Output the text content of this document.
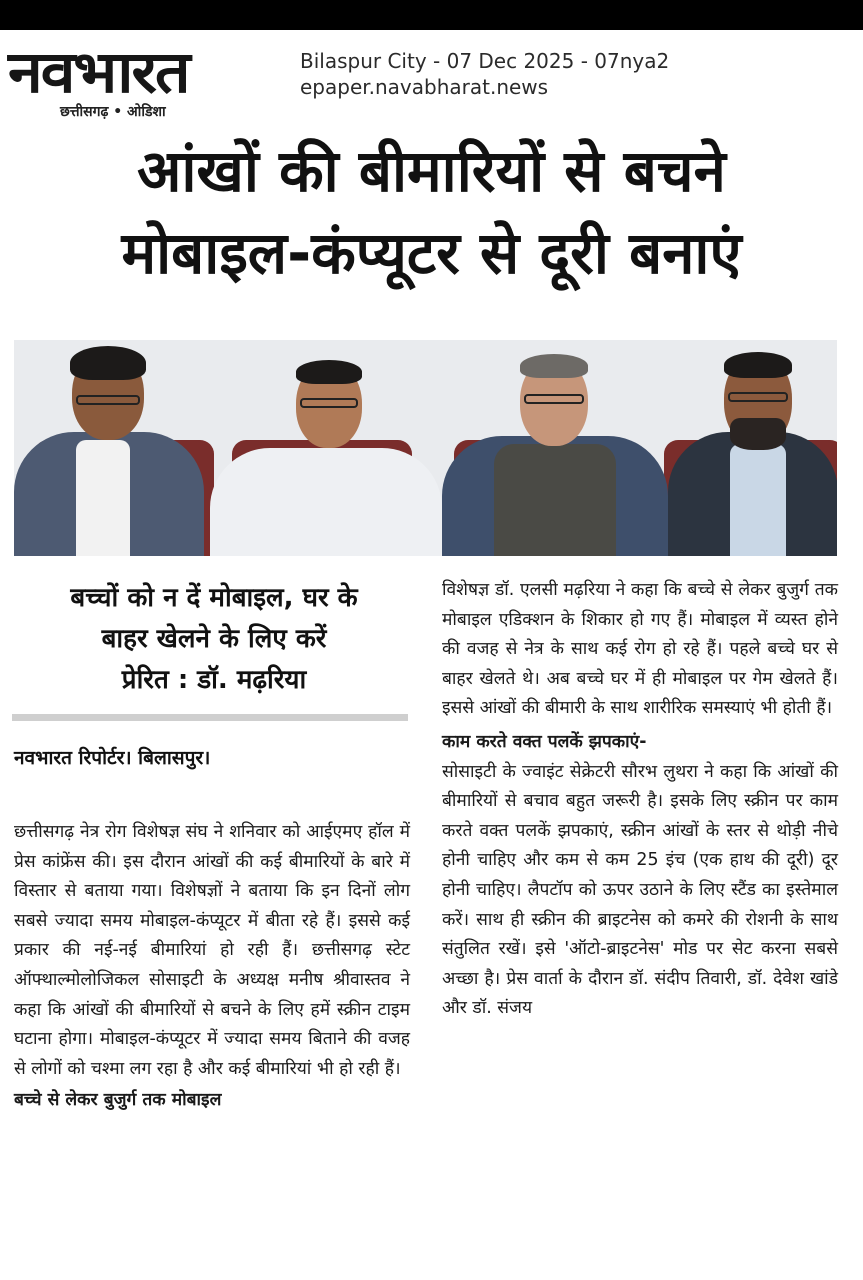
नवभारत
छत्तीसगढ़ • ओडिशा
Bilaspur City - 07 Dec 2025 - 07nya2
epaper.navabharat.news
आंखों की बीमारियों से बचने
मोबाइल-कंप्यूटर से दूरी बनाएं
बच्चों को न दें मोबाइल, घर के
बाहर खेलने के लिए करें
प्रेरित : डॉ. मढ़रिया
नवभारत रिपोर्टर। बिलासपुर।

छत्तीसगढ़ नेत्र रोग विशेषज्ञ संघ ने शनिवार को आईएमए हॉल में प्रेस कांफ्रेंस की। इस दौरान आंखों की कई बीमारियों के बारे में विस्तार से बताया गया। विशेषज्ञों ने बताया कि इन दिनों लोग सबसे ज्यादा समय मोबाइल-कंप्यूटर में बीता रहे हैं। इससे कई प्रकार की नई-नई बीमारियां हो रही हैं। छत्तीसगढ़ स्टेट ऑफ्थाल्मोलोजिकल सोसाइटी के अध्यक्ष मनीष श्रीवास्तव ने कहा कि आंखों की बीमारियों से बचने के लिए हमें स्क्रीन टाइम घटाना होगा। मोबाइल-कंप्यूटर में ज्यादा समय बिताने की वजह से लोगों को चश्मा लग रहा है और कई बीमारियां भी हो रही हैं।

बच्चे से लेकर बुजुर्ग तक मोबाइल

विशेषज्ञ डॉ. एलसी मढ़रिया ने कहा कि बच्चे से लेकर बुजुर्ग तक मोबाइल एडिक्शन के शिकार हो गए हैं। मोबाइल में व्यस्त होने की वजह से नेत्र के साथ कई रोग हो रहे हैं। पहले बच्चे घर से बाहर खेलते थे। अब बच्चे घर में ही मोबाइल पर गेम खेलते हैं। इससे आंखों की बीमारी के साथ शारीरिक समस्याएं भी होती हैं।

काम करते वक्त पलकें झपकाएं-

सोसाइटी के ज्वाइंट सेक्रेटरी सौरभ लुथरा ने कहा कि आंखों की बीमारियों से बचाव बहुत जरूरी है। इसके लिए स्क्रीन पर काम करते वक्त पलकें झपकाएं, स्क्रीन आंखों के स्तर से थोड़ी नीचे होनी चाहिए और कम से कम 25 इंच (एक हाथ की दूरी) दूर होनी चाहिए। लैपटॉप को ऊपर उठाने के लिए स्टैंड का इस्तेमाल करें। साथ ही स्क्रीन की ब्राइटनेस को कमरे की रोशनी के साथ संतुलित रखें। इसे 'ऑटो-ब्राइटनेस' मोड पर सेट करना सबसे अच्छा है। प्रेस वार्ता के दौरान डॉ. संदीप तिवारी, डॉ. देवेश खांडे और डॉ. संजय
